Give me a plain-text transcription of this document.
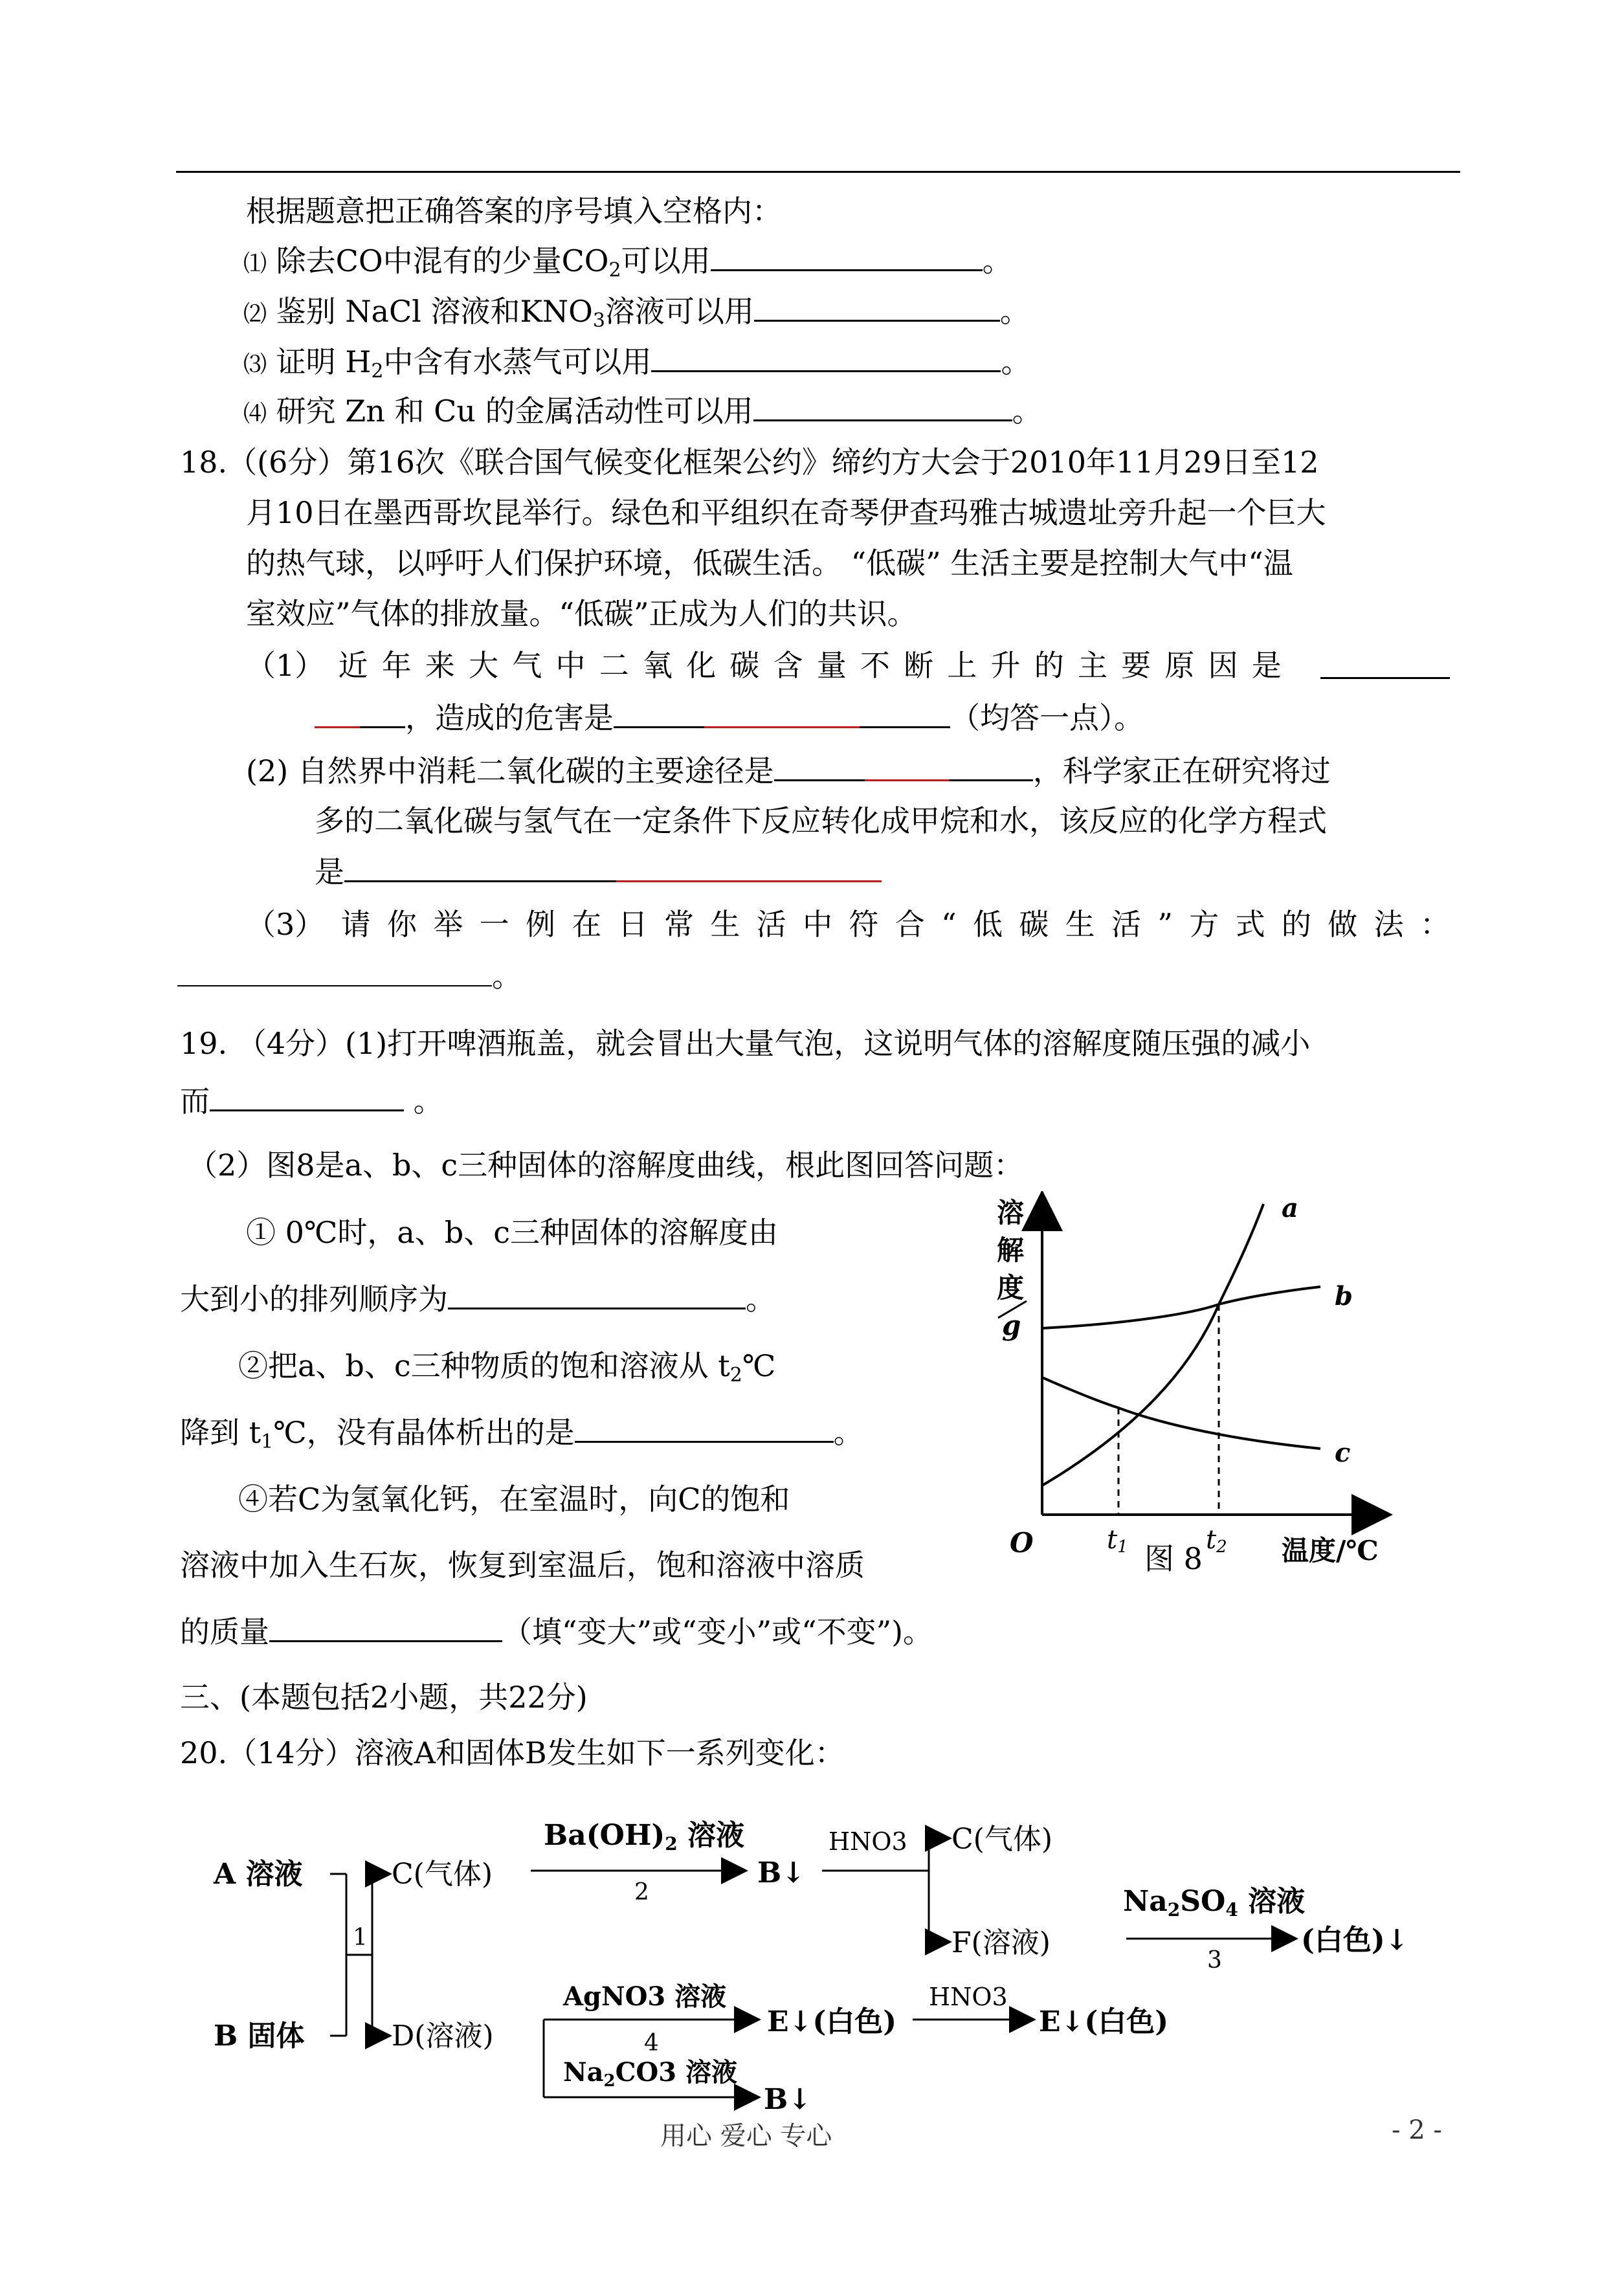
根据题意把正确答案的序号填入空格内：
⑴ 除去CO中混有的少量$CO_2$可以用	。
⑵ 鉴别 NaCl 溶液和$KNO_3$溶液可以用	。
⑶ 证明 $H_2$中含有水蒸气可以用	。
⑷ 研究 Zn 和 Cu 的金属活动性可以用	。
18.（(6分）第16次《联合国气候变化框架公约》缔约方大会于2010年11月29日至12
月10日在墨西哥坎昆举行。绿色和平组织在奇琴伊查玛雅古城遗址旁升起一个巨大
的热气球，以呼吁人们保护环境，低碳生活。 “低碳” 生活主要是控制大气中“温
室效应”气体的排放量。“低碳”正成为人们的共识。
（1） 近 年 来 大 气 中 二 氧 化 碳 含 量 不 断 上 升 的 主 要 原 因 是
，造成的危害是	（均答一点）。
(2) 自然界中消耗二氧化碳的主要途径是	，科学家正在研究将过
多的二氧化碳与氢气在一定条件下反应转化成甲烷和水，该反应的化学方程式
是
（3） 请 你 举 一 例 在 日 常 生 活 中 符 合 “ 低 碳 生 活 ” 方 式 的 做 法 ：
。
19. （4分）(1)打开啤酒瓶盖，就会冒出大量气泡，这说明气体的溶解度随压强的减小
而	。
（2）图8是a、b、c三种固体的溶解度曲线，根此图回答问题：
① 0℃时，a、b、c三种固体的溶解度由
大到小的排列顺序为	。
②把a、b、c三种物质的饱和溶液从 $t_2℃$
降到 $t_1℃$，没有晶体析出的是	。
④若C为氢氧化钙，在室温时，向C的饱和
溶液中加入生石灰，恢复到室温后，饱和溶液中溶质
的质量	（填“变大”或“变小”或“不变”)。
溶
解
度
g
O	温度/℃
t1	t2
a
b
c
图 8
三、(本题包括2小题，共22分)
20.（14分）溶液A和固体B发生如下一系列变化：
A 溶液
B 固体
1
C(气体)
D(溶液)
Ba(OH)2 溶液
2
B↓
HNO3 C(气体)
F(溶液)
Na2SO4 溶液
3
(白色)↓
AgNO3 溶液
4
E↓(白色)
HNO3
E↓(白色)
$Na_2CO3$ 溶液
B↓
用心 爱心 专心	- 2 -
